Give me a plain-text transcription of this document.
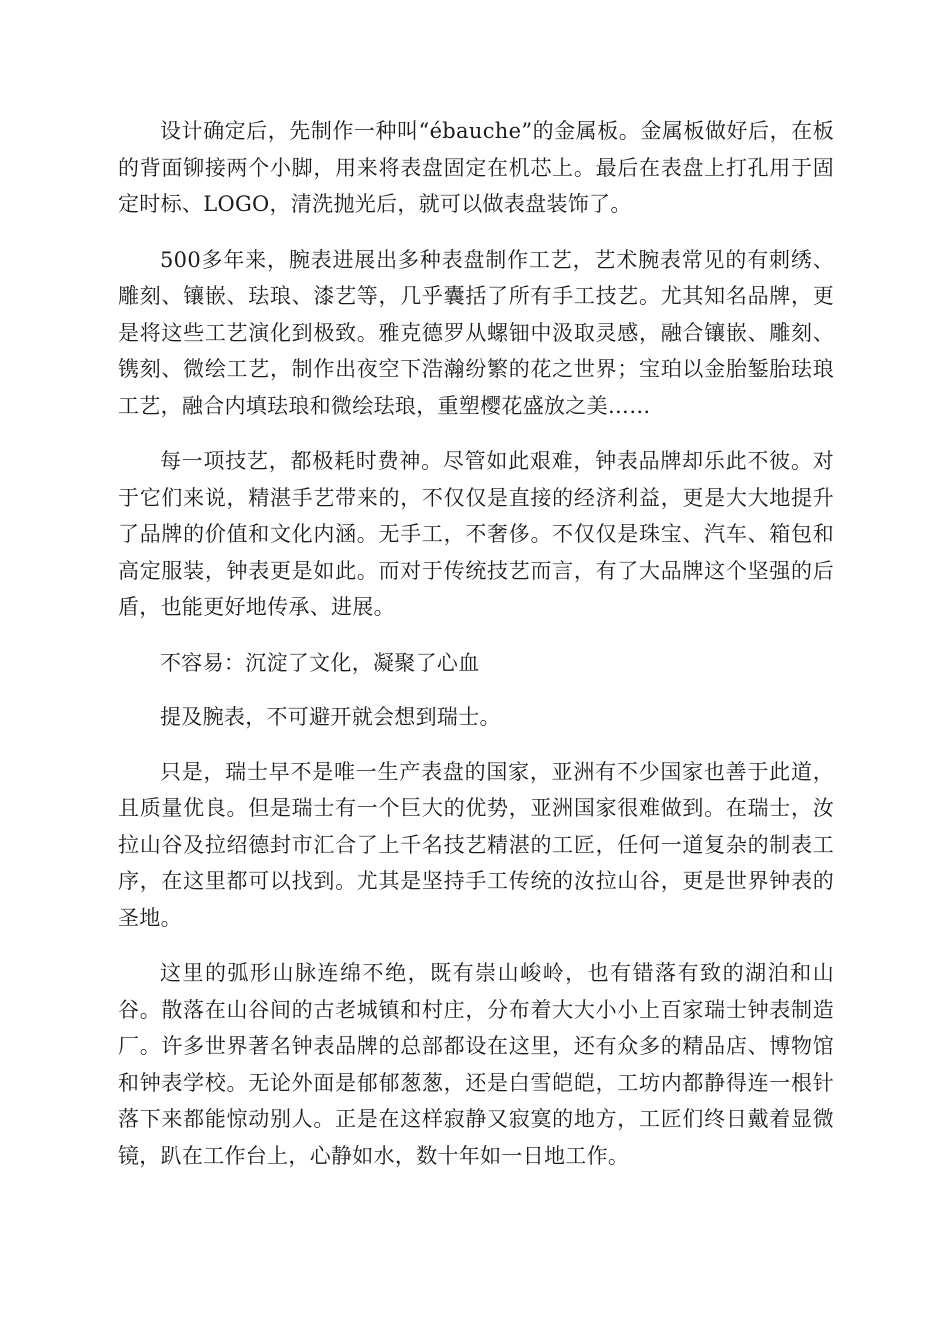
设计确定后，先制作一种叫“ébauche”的金属板。金属板做好后，在板的背面铆接两个小脚，用来将表盘固定在机芯上。最后在表盘上打孔用于固定时标、LOGO，清洗抛光后，就可以做表盘装饰了。

500多年来，腕表进展出多种表盘制作工艺，艺术腕表常见的有刺绣、雕刻、镶嵌、珐琅、漆艺等，几乎囊括了所有手工技艺。尤其知名品牌，更是将这些工艺演化到极致。雅克德罗从螺钿中汲取灵感，融合镶嵌、雕刻、镌刻、微绘工艺，制作出夜空下浩瀚纷繁的花之世界；宝珀以金胎錾胎珐琅工艺，融合内填珐琅和微绘珐琅，重塑樱花盛放之美……

每一项技艺，都极耗时费神。尽管如此艰难，钟表品牌却乐此不彼。对于它们来说，精湛手艺带来的，不仅仅是直接的经济利益，更是大大地提升了品牌的价值和文化内涵。无手工，不奢侈。不仅仅是珠宝、汽车、箱包和高定服装，钟表更是如此。而对于传统技艺而言，有了大品牌这个坚强的后盾，也能更好地传承、进展。

不容易：沉淀了文化，凝聚了心血

提及腕表，不可避开就会想到瑞士。

只是，瑞士早不是唯一生产表盘的国家，亚洲有不少国家也善于此道，且质量优良。但是瑞士有一个巨大的优势，亚洲国家很难做到。在瑞士，汝拉山谷及拉绍德封市汇合了上千名技艺精湛的工匠，任何一道复杂的制表工序，在这里都可以找到。尤其是坚持手工传统的汝拉山谷，更是世界钟表的圣地。

这里的弧形山脉连绵不绝，既有崇山峻岭，也有错落有致的湖泊和山谷。散落在山谷间的古老城镇和村庄，分布着大大小小上百家瑞士钟表制造厂。许多世界著名钟表品牌的总部都设在这里，还有众多的精品店、博物馆和钟表学校。无论外面是郁郁葱葱，还是白雪皑皑，工坊内都静得连一根针落下来都能惊动别人。正是在这样寂静又寂寞的地方，工匠们终日戴着显微镜，趴在工作台上，心静如水，数十年如一日地工作。
